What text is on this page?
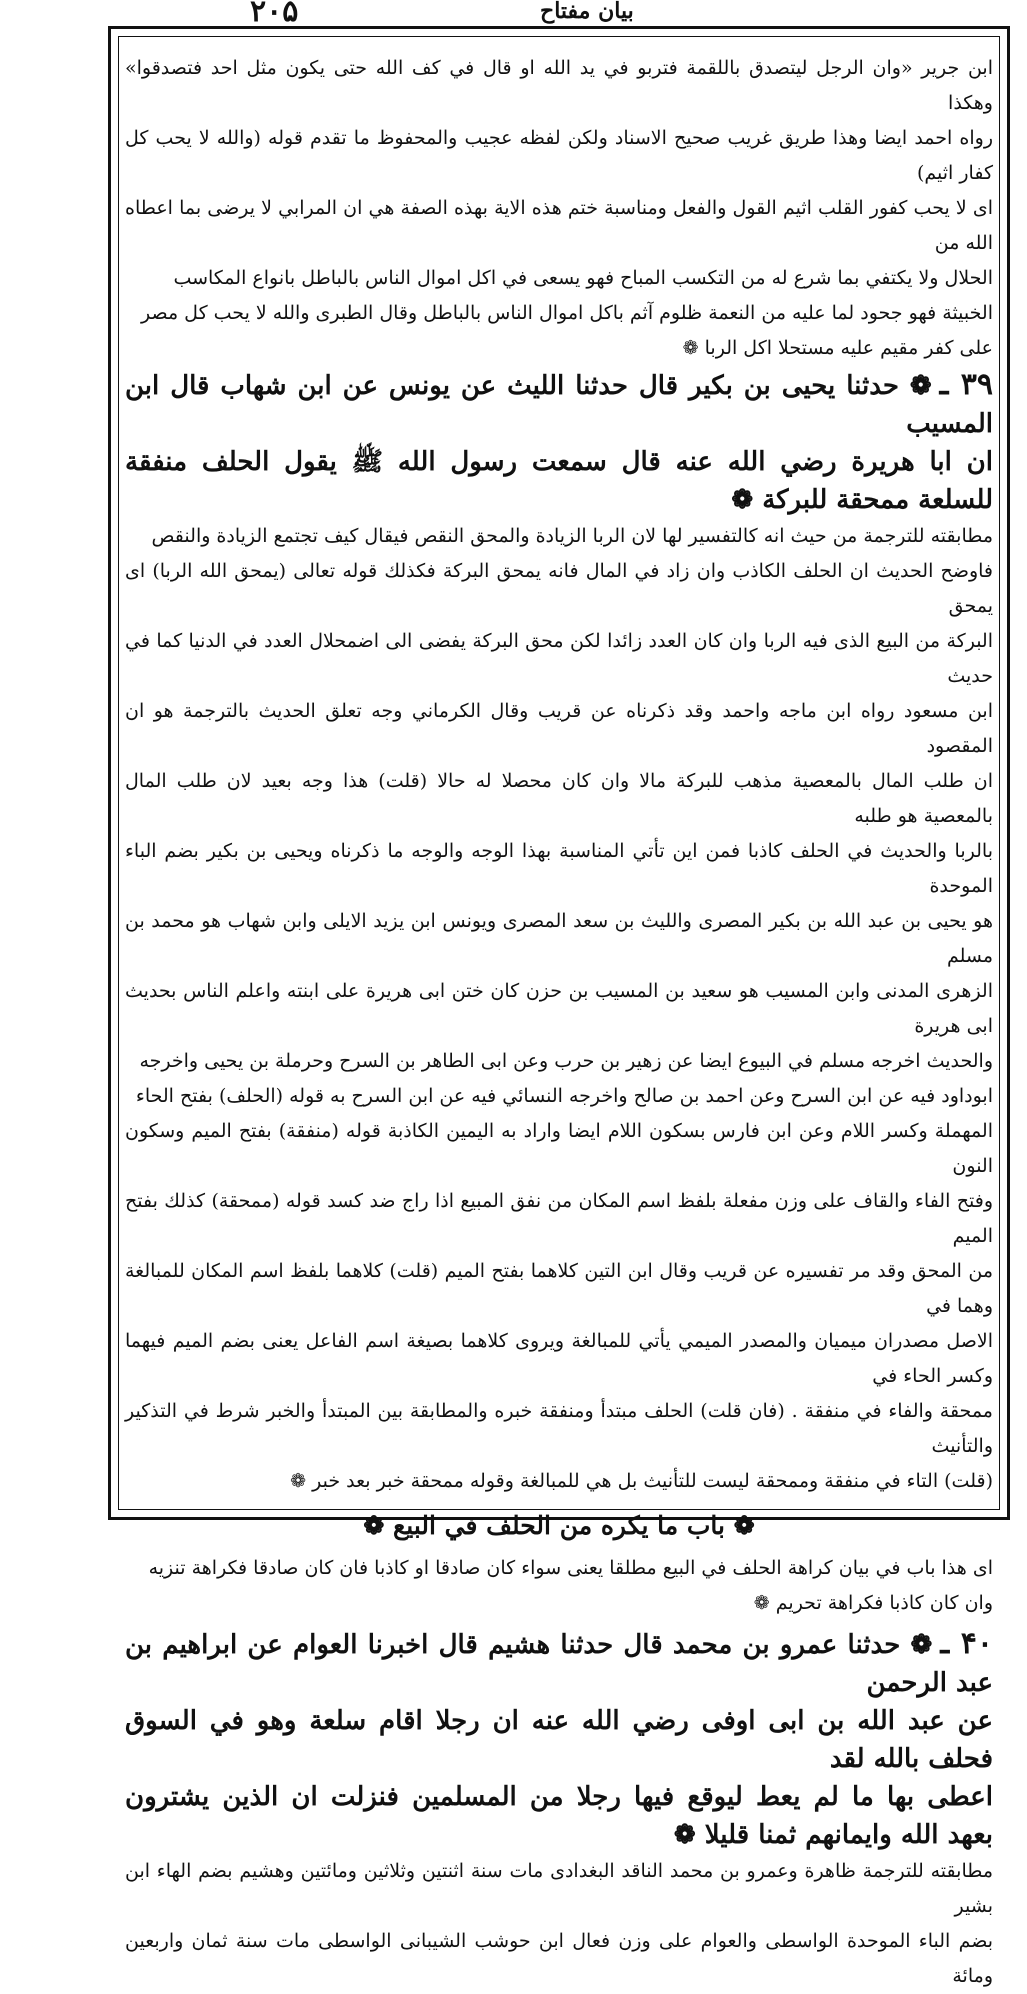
۲۰۵	بیان مفتاح

ابن جرير «وان الرجل ليتصدق باللقمة فتربو في يد الله او قال في كف الله حتى يكون مثل احد فتصدقوا» وهكذا

رواه احمد ايضا وهذا طريق غريب صحيح الاسناد ولكن لفظه عجيب والمحفوظ ما تقدم قوله (والله لا يحب كل كفار اثيم)

اى لا يحب كفور القلب اثيم القول والفعل ومناسبة ختم هذه الاية بهذه الصفة هي ان المرابي لا يرضى بما اعطاه الله من

الحلال ولا يكتفي بما شرع له من التكسب المباح فهو يسعى في اكل اموال الناس بالباطل بانواع المكاسب

الخبيثة فهو جحود لما عليه من النعمة ظلوم آثم باكل اموال الناس بالباطل وقال الطبرى والله لا يحب كل مصر

على كفر مقيم عليه مستحلا اكل الربا ❁

۳۹ ـ❁ حدثنا يحيى بن بكير قال حدثنا الليث عن يونس عن ابن شهاب قال ابن المسيب

ان ابا هريرة رضي الله عنه قال سمعت رسول الله ﷺ يقول الحلف منفقة للسلعة ممحقة للبركة ❁

مطابقته للترجمة من حيث انه كالتفسير لها لان الربا الزيادة والمحق النقص فيقال كيف تجتمع الزيادة والنقص

فاوضح الحديث ان الحلف الكاذب وان زاد في المال فانه يمحق البركة فكذلك قوله تعالى (يمحق الله الربا) اى يمحق

البركة من البيع الذى فيه الربا وان كان العدد زائدا لكن محق البركة يفضى الى اضمحلال العدد في الدنيا كما في حديث

ابن مسعود رواه ابن ماجه واحمد وقد ذكرناه عن قريب وقال الكرماني وجه تعلق الحديث بالترجمة هو ان المقصود

ان طلب المال بالمعصية مذهب للبركة مالا وان كان محصلا له حالا (قلت) هذا وجه بعيد لان طلب المال بالمعصية هو طلبه

بالربا والحديث في الحلف كاذبا فمن اين تأتي المناسبة بهذا الوجه والوجه ما ذكرناه ويحيى بن بكير بضم الباء الموحدة

هو يحيى بن عبد الله بن بكير المصرى والليث بن سعد المصرى ويونس ابن يزيد الايلى وابن شهاب هو محمد بن مسلم

الزهرى المدنى وابن المسيب هو سعيد بن المسيب بن حزن كان ختن ابى هريرة على ابنته واعلم الناس بحديث ابى هريرة

والحديث اخرجه مسلم في البيوع ايضا عن زهير بن حرب وعن ابى الطاهر بن السرح وحرملة بن يحيى واخرجه

ابوداود فيه عن ابن السرح وعن احمد بن صالح واخرجه النسائي فيه عن ابن السرح به قوله (الحلف) بفتح الحاء

المهملة وكسر اللام وعن ابن فارس بسكون اللام ايضا واراد به اليمين الكاذبة قوله (منفقة) بفتح الميم وسكون النون

وفتح الفاء والقاف على وزن مفعلة بلفظ اسم المكان من نفق المبيع اذا راج ضد كسد قوله (ممحقة) كذلك بفتح الميم

من المحق وقد مر تفسيره عن قريب وقال ابن التين كلاهما بفتح الميم (قلت) كلاهما بلفظ اسم المكان للمبالغة وهما في

الاصل مصدران ميميان والمصدر الميمي يأتي للمبالغة ويروى كلاهما بصيغة اسم الفاعل يعنى بضم الميم فيهما وكسر الحاء في

ممحقة والفاء في منفقة . (فان قلت) الحلف مبتدأ ومنفقة خبره والمطابقة بين المبتدأ والخبر شرط في التذكير والتأنيث

(قلت) التاء في منفقة وممحقة ليست للتأنيث بل هي للمبالغة وقوله ممحقة خبر بعد خبر ❁

❁ باب ما يكره من الحلف في البيع ❁

اى هذا باب في بيان كراهة الحلف في البيع مطلقا يعنى سواء كان صادقا او كاذبا فان كان صادقا فكراهة تنزيه

وان كان كاذبا فكراهة تحريم ❁

۴۰ ـ❁ حدثنا عمرو بن محمد قال حدثنا هشيم قال اخبرنا العوام عن ابراهيم بن عبد الرحمن

عن عبد الله بن ابى اوفى رضي الله عنه ان رجلا اقام سلعة وهو في السوق فحلف بالله لقد

اعطى بها ما لم يعط ليوقع فيها رجلا من المسلمين فنزلت ان الذين يشترون بعهد الله وايمانهم ثمنا قليلا ❁

مطابقته للترجمة ظاهرة وعمرو بن محمد الناقد البغدادى مات سنة اثنتين وثلاثين ومائتين وهشيم بضم الهاء ابن بشير

بضم الباء الموحدة الواسطى والعوام على وزن فعال ابن حوشب الشيبانى الواسطى مات سنة ثمان واربعين ومائة
